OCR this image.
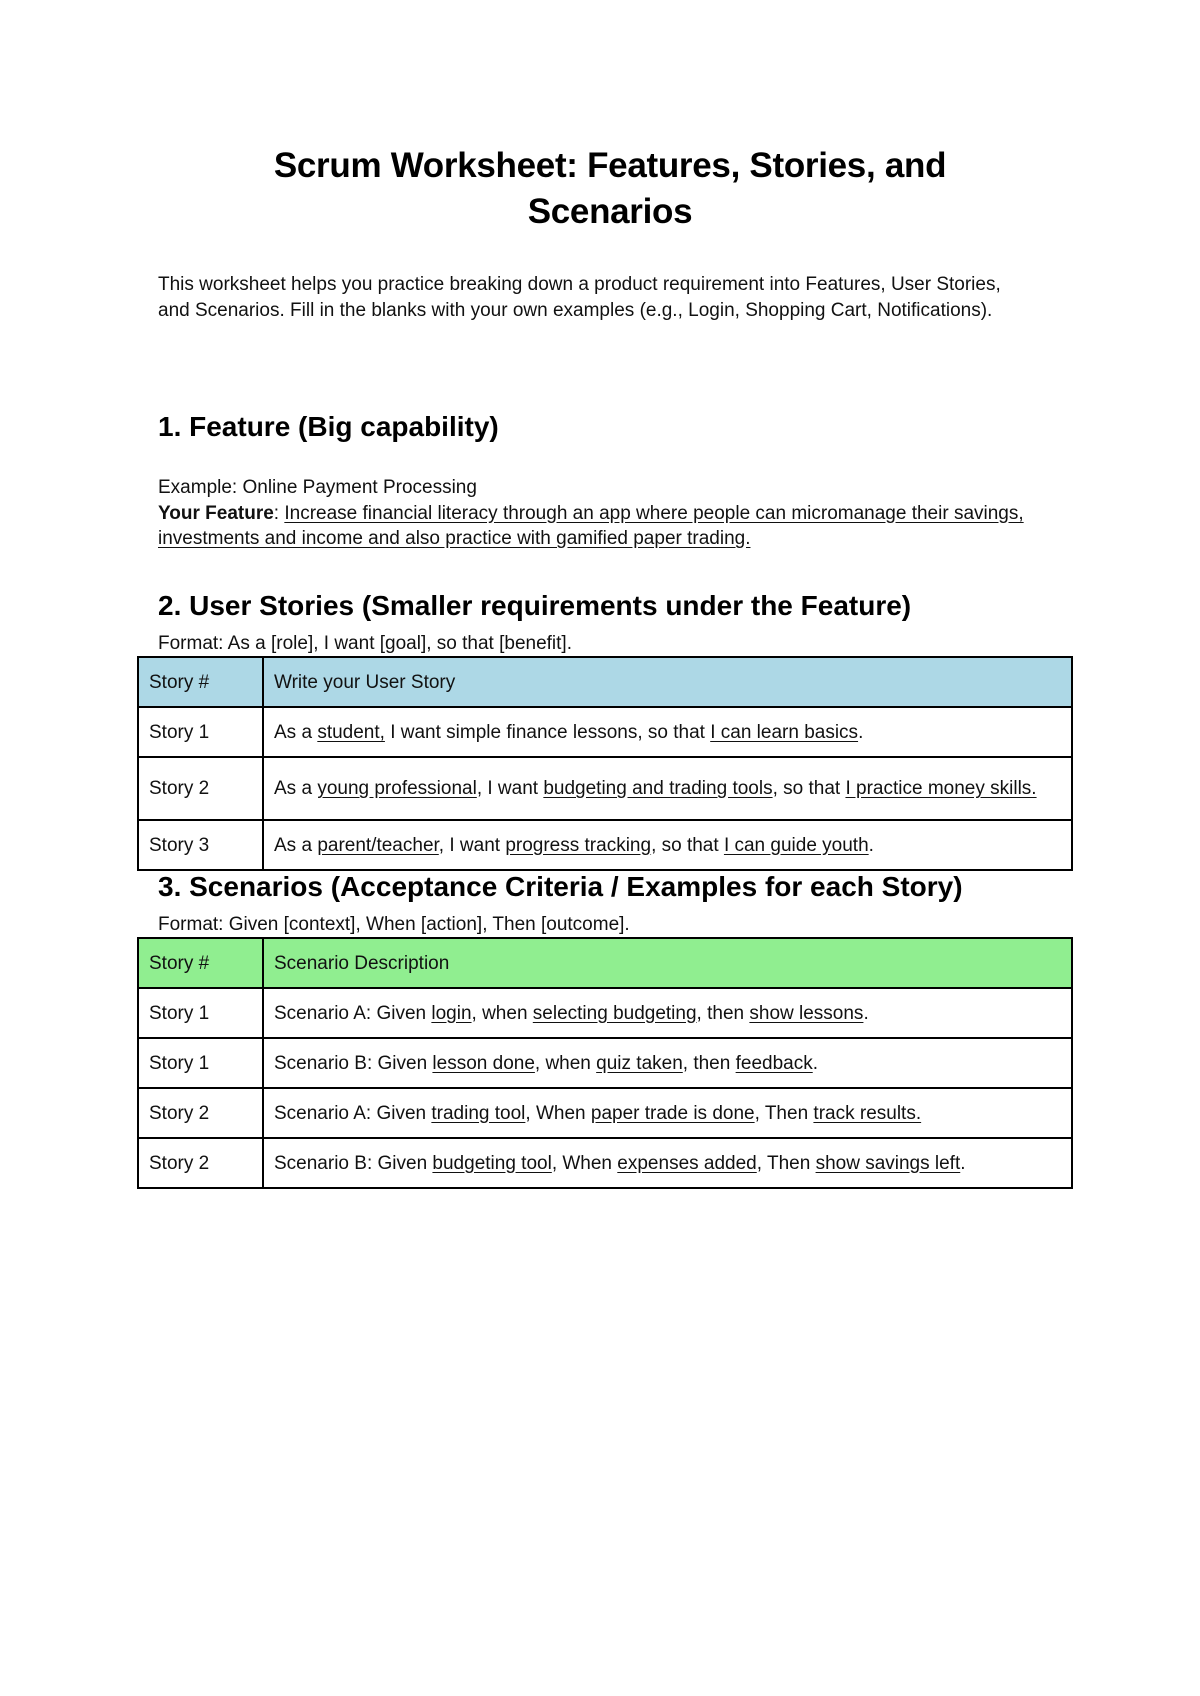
Scrum Worksheet: Features, Stories, and Scenarios
This worksheet helps you practice breaking down a product requirement into Features, User Stories, and Scenarios. Fill in the blanks with your own examples (e.g., Login, Shopping Cart, Notifications).
1. Feature (Big capability)
Example: Online Payment Processing
Your Feature: Increase financial literacy through an app where people can micromanage their savings, investments and income and also practice with gamified paper trading.
2. User Stories (Smaller requirements under the Feature)
Format: As a [role], I want [goal], so that [benefit].
Story #	Write your User Story
Story 1	As a student, I want simple finance lessons, so that I can learn basics.
Story 2	As a young professional, I want budgeting and trading tools, so that I practice money skills.
Story 3	As a parent/teacher, I want progress tracking, so that I can guide youth.
3. Scenarios (Acceptance Criteria / Examples for each Story)
Format: Given [context], When [action], Then [outcome].
Story #	Scenario Description
Story 1	Scenario A: Given login, when selecting budgeting, then show lessons.
Story 1	Scenario B: Given lesson done, when quiz taken, then feedback.
Story 2	Scenario A: Given trading tool, When paper trade is done, Then track results.
Story 2	Scenario B: Given budgeting tool, When expenses added, Then show savings left.
